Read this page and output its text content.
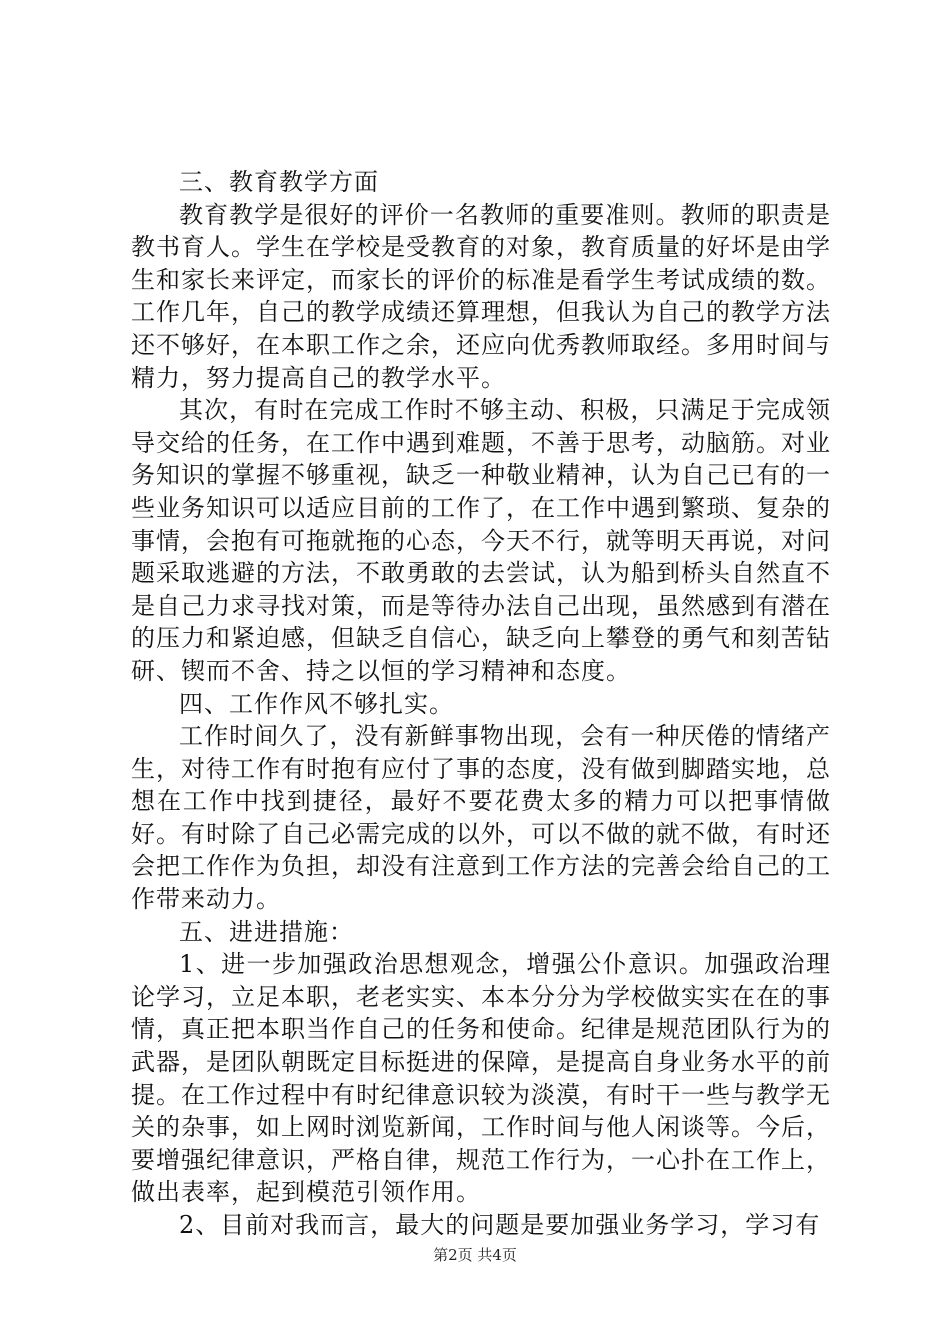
三、教育教学方面

教育教学是很好的评价一名教师的重要准则。教师的职责是教书育人。学生在学校是受教育的对象，教育质量的好坏是由学生和家长来评定，而家长的评价的标准是看学生考试成绩的数。工作几年，自己的教学成绩还算理想，但我认为自己的教学方法还不够好，在本职工作之余，还应向优秀教师取经。多用时间与精力，努力提高自己的教学水平。

其次，有时在完成工作时不够主动、积极，只满足于完成领导交给的任务，在工作中遇到难题，不善于思考，动脑筋。对业务知识的掌握不够重视，缺乏一种敬业精神，认为自己已有的一些业务知识可以适应目前的工作了，在工作中遇到繁琐、复杂的事情，会抱有可拖就拖的心态，今天不行，就等明天再说，对问题采取逃避的方法，不敢勇敢的去尝试，认为船到桥头自然直不是自己力求寻找对策，而是等待办法自己出现，虽然感到有潜在的压力和紧迫感，但缺乏自信心，缺乏向上攀登的勇气和刻苦钻研、锲而不舍、持之以恒的学习精神和态度。

四、工作作风不够扎实。

工作时间久了，没有新鲜事物出现，会有一种厌倦的情绪产生，对待工作有时抱有应付了事的态度，没有做到脚踏实地，总想在工作中找到捷径，最好不要花费太多的精力可以把事情做好。有时除了自己必需完成的以外，可以不做的就不做，有时还会把工作作为负担，却没有注意到工作方法的完善会给自己的工作带来动力。

五、进进措施：

1、进一步加强政治思想观念，增强公仆意识。加强政治理论学习，立足本职，老老实实、本本分分为学校做实实在在的事情，真正把本职当作自己的任务和使命。纪律是规范团队行为的武器，是团队朝既定目标挺进的保障，是提高自身业务水平的前提。在工作过程中有时纪律意识较为淡漠，有时干一些与教学无关的杂事，如上网时浏览新闻，工作时间与他人闲谈等。今后，要增强纪律意识，严格自律，规范工作行为，一心扑在工作上，做出表率，起到模范引领作用。

2、目前对我而言，最大的问题是要加强业务学习，学习有

第2页 共4页
